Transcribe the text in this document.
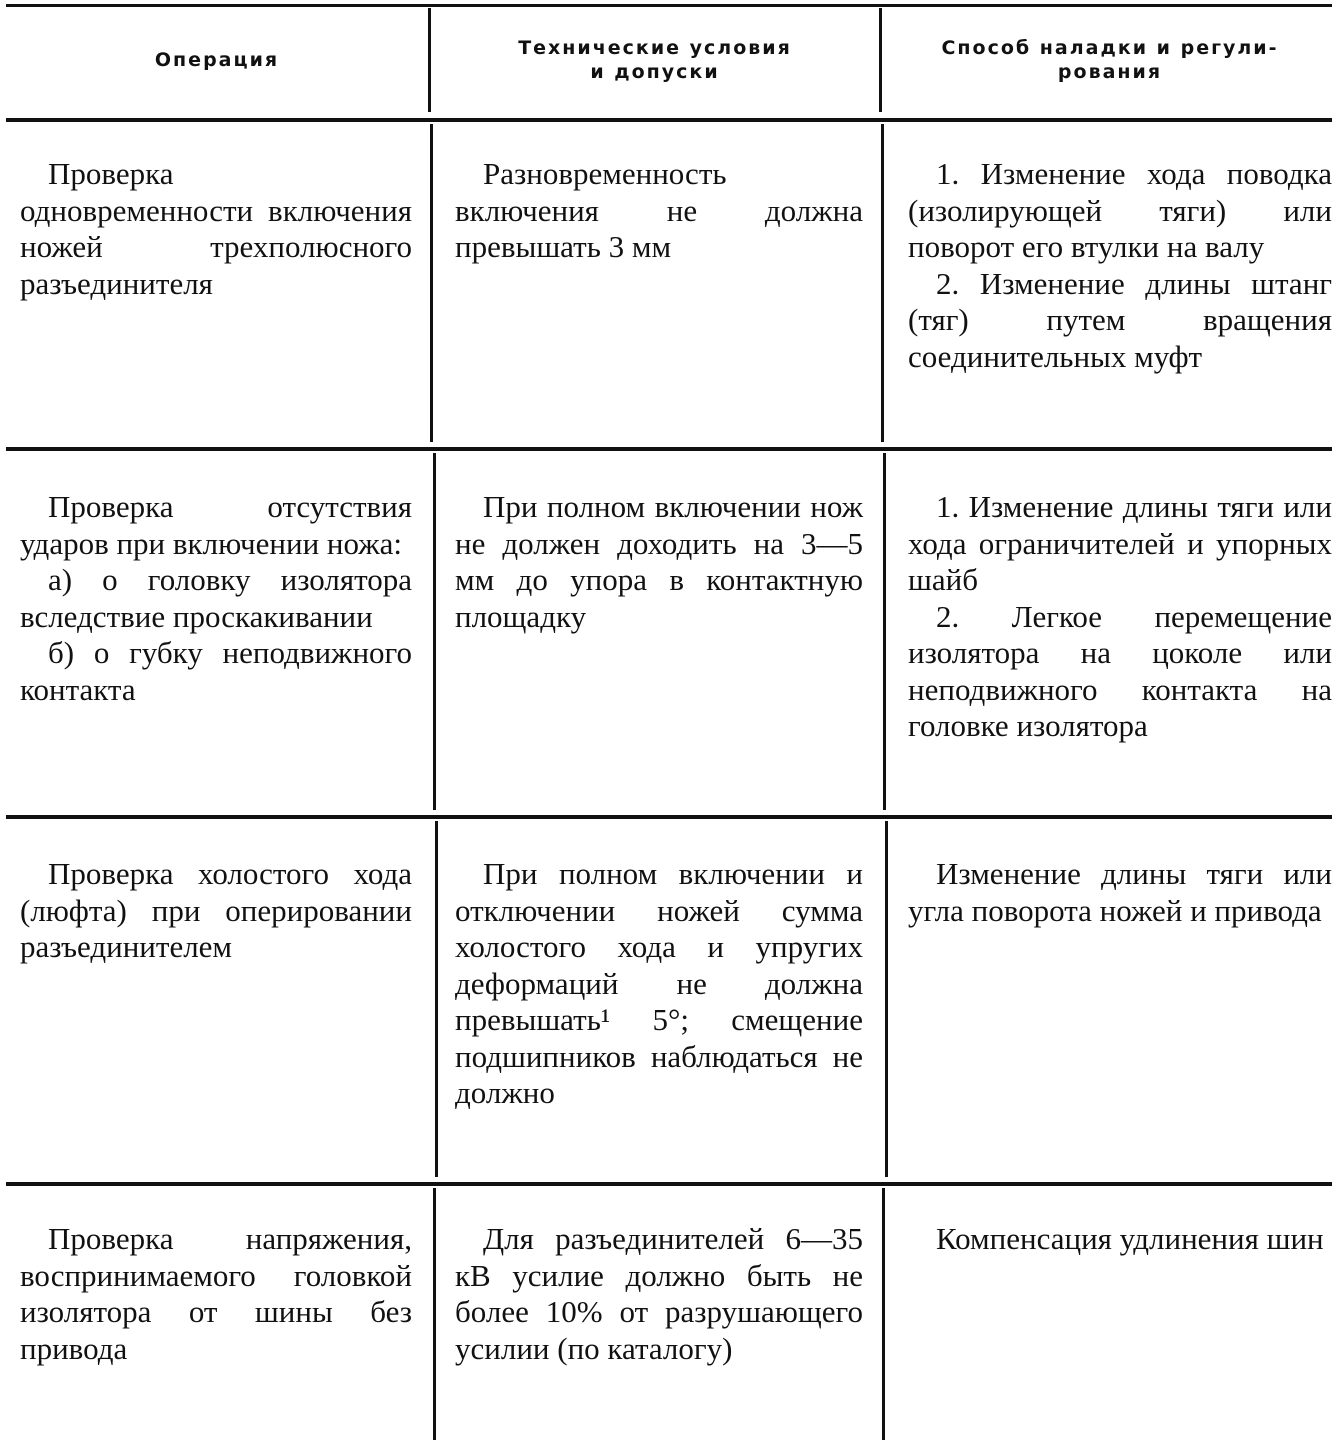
Операция
Технические условия
и допуски
Способ наладки и регули-
рования

Проверка одновременности включения ножей трехполюсного разъединителя

Разновременность включения не должна превышать 3 мм

1. Изменение хода поводка (изолирующей тяги) или поворот его втулки на валу

2. Изменение длины штанг (тяг) путем вращения соединительных муфт

Проверка отсутствия ударов при включении ножа:

а) о головку изолятора вследствие проскакивании

б) о губку неподвижного контакта

При полном включении нож не должен доходить на 3—5 мм до упора в контактную площадку

1. Изменение длины тяги или хода ограничителей и упорных шайб

2. Легкое перемещение изолятора на цоколе или неподвижного контакта на головке изолятора

Проверка холостого хода (люфта) при оперировании разъединителем

При полном включении и отключении ножей сумма холостого хода и упругих деформаций не должна превышать¹ 5°; смещение подшипников наблюдаться не должно

Изменение длины тяги или угла поворота ножей и привода

Проверка напряжения, воспринимаемого головкой изолятора от шины без привода

Для разъединителей 6—35 кВ усилие должно быть не более 10% от разрушающего усилии (по каталогу)

Компенсация удлинения шин
